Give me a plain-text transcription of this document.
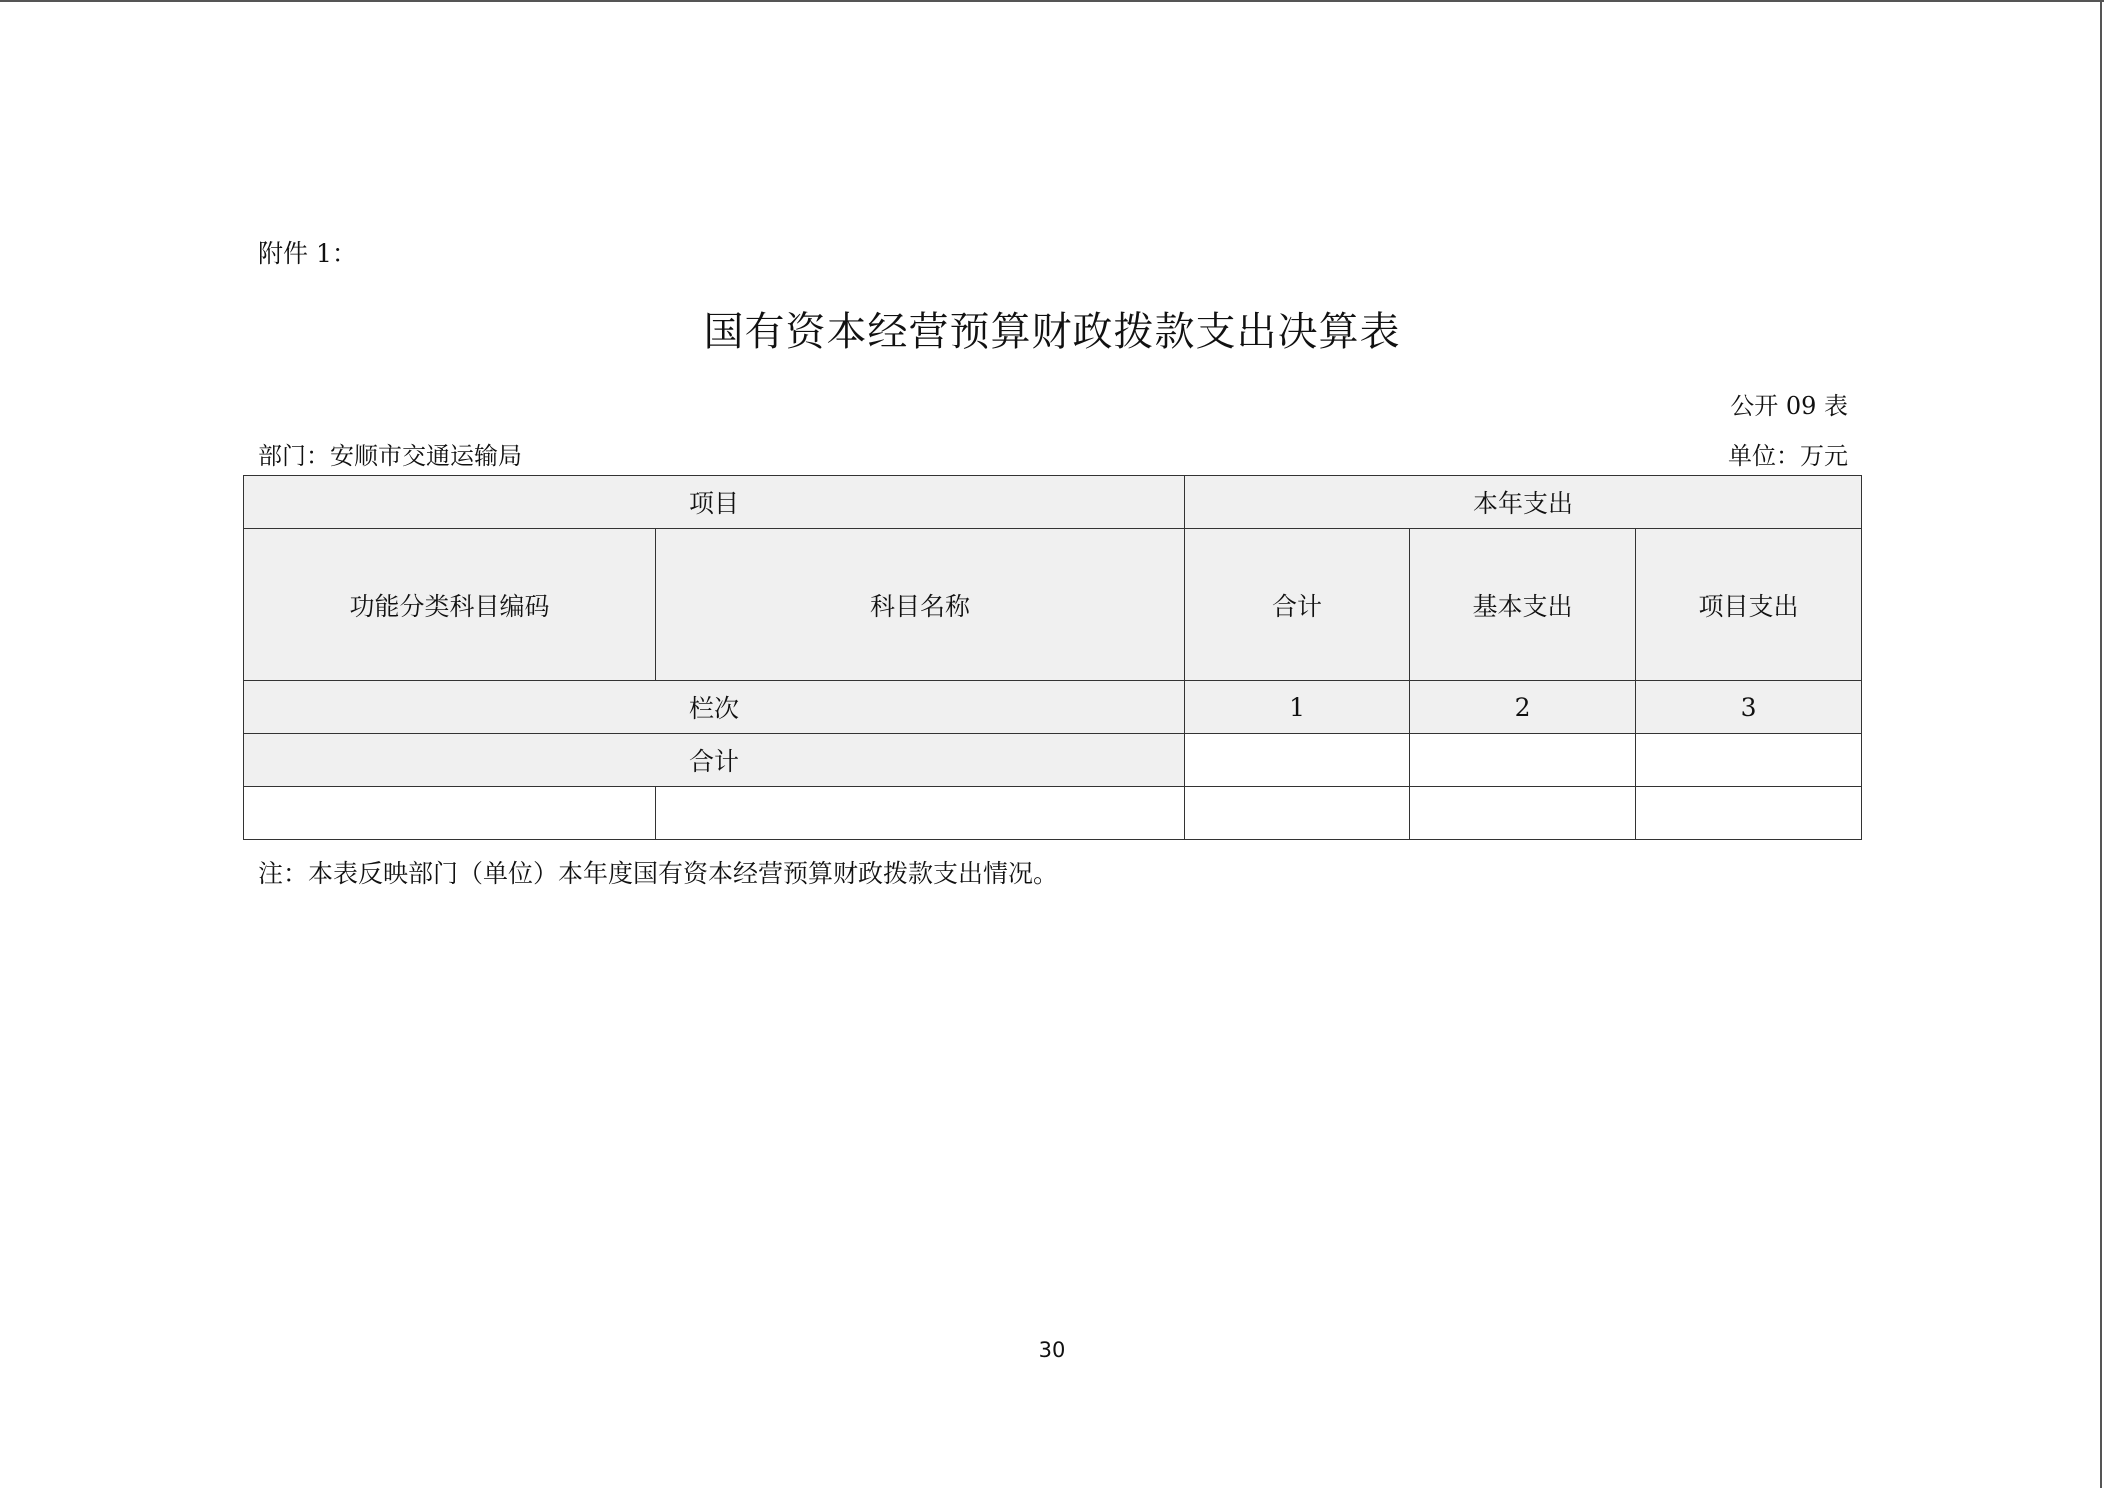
附件 1：
国有资本经营预算财政拨款支出决算表
公开 09 表
部门：安顺市交通运输局	单位：万元
项目		本年支出		
功能分类科目编码	科目名称	合计	基本支出	项目支出
栏次		1	2	3
合计				

注：本表反映部门（单位）本年度国有资本经营预算财政拨款支出情况。
30
